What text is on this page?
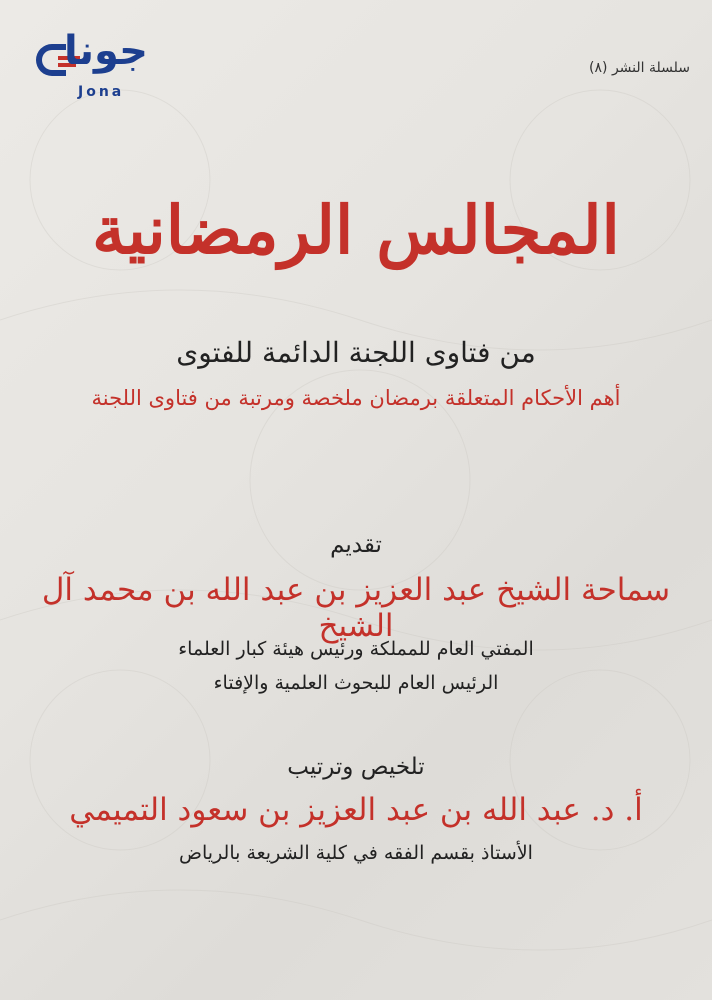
جونا
Jona
سلسلة النشر (٨)
المجالس الرمضانية
من فتاوى اللجنة الدائمة للفتوى
أهم الأحكام المتعلقة برمضان ملخصة ومرتبة من فتاوى اللجنة
تقديم
سماحة الشيخ عبد العزيز بن عبد الله بن محمد آل الشيخ
المفتي العام للمملكة ورئيس هيئة كبار العلماء
الرئيس العام للبحوث العلمية والإفتاء
تلخيص وترتيب
أ. د. عبد الله بن عبد العزيز بن سعود التميمي
الأستاذ بقسم الفقه في كلية الشريعة بالرياض
